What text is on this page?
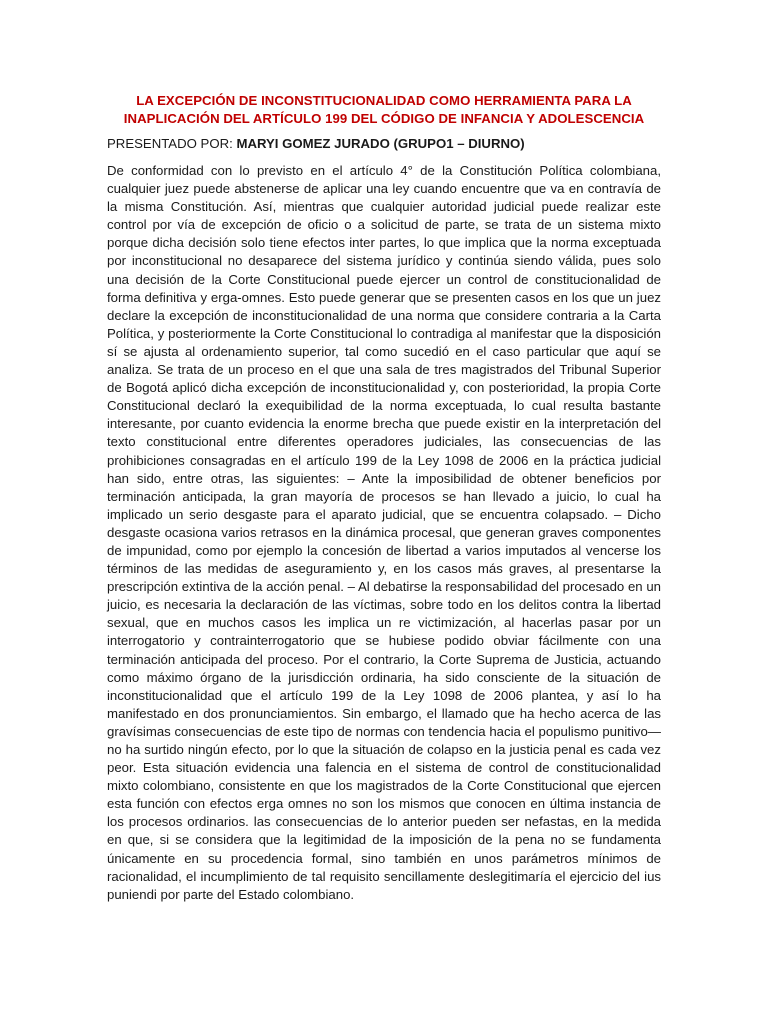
LA EXCEPCIÓN DE INCONSTITUCIONALIDAD COMO HERRAMIENTA PARA LA
INAPLICACIÓN DEL ARTÍCULO 199 DEL CÓDIGO DE INFANCIA Y ADOLESCENCIA

PRESENTADO POR: MARYI GOMEZ JURADO (GRUPO1 – DIURNO)

De conformidad con lo previsto en el artículo 4° de la Constitución Política colombiana, cualquier juez puede abstenerse de aplicar una ley cuando encuentre que va en contravía de la misma Constitución. Así, mientras que cualquier autoridad judicial puede realizar este control por vía de excepción de oficio o a solicitud de parte, se trata de un sistema mixto porque dicha decisión solo tiene efectos inter partes, lo que implica que la norma exceptuada por inconstitucional no desaparece del sistema jurídico y continúa siendo válida, pues solo una decisión de la Corte Constitucional puede ejercer un control de constitucionalidad de forma definitiva y erga-omnes. Esto puede generar que se presenten casos en los que un juez declare la excepción de inconstitucionalidad de una norma que considere contraria a la Carta Política, y posteriormente la Corte Constitucional lo contradiga al manifestar que la disposición sí se ajusta al ordenamiento superior, tal como sucedió en el caso particular que aquí se analiza. Se trata de un proceso en el que una sala de tres magistrados del Tribunal Superior de Bogotá aplicó dicha excepción de inconstitucionalidad y, con posterioridad, la propia Corte Constitucional declaró la exequibilidad de la norma exceptuada, lo cual resulta bastante interesante, por cuanto evidencia la enorme brecha que puede existir en la interpretación del texto constitucional entre diferentes operadores judiciales, las consecuencias de las prohibiciones consagradas en el artículo 199 de la Ley 1098 de 2006 en la práctica judicial han sido, entre otras, las siguientes: – Ante la imposibilidad de obtener beneficios por terminación anticipada, la gran mayoría de procesos se han llevado a juicio, lo cual ha implicado un serio desgaste para el aparato judicial, que se encuentra colapsado. – Dicho desgaste ocasiona varios retrasos en la dinámica procesal, que generan graves componentes de impunidad, como por ejemplo la concesión de libertad a varios imputados al vencerse los términos de las medidas de aseguramiento y, en los casos más graves, al presentarse la prescripción extintiva de la acción penal. – Al debatirse la responsabilidad del procesado en un juicio, es necesaria la declaración de las víctimas, sobre todo en los delitos contra la libertad sexual, que en muchos casos les implica un re victimización, al hacerlas pasar por un interrogatorio y contrainterrogatorio que se hubiese podido obviar fácilmente con una terminación anticipada del proceso. Por el contrario, la Corte Suprema de Justicia, actuando como máximo órgano de la jurisdicción ordinaria, ha sido consciente de la situación de inconstitucionalidad que el artículo 199 de la Ley 1098 de 2006 plantea, y así lo ha manifestado en dos pronunciamientos. Sin embargo, el llamado que ha hecho acerca de las gravísimas consecuencias de este tipo de normas con tendencia hacia el populismo punitivo— no ha surtido ningún efecto, por lo que la situación de colapso en la justicia penal es cada vez peor. Esta situación evidencia una falencia en el sistema de control de constitucionalidad mixto colombiano, consistente en que los magistrados de la Corte Constitucional que ejercen esta función con efectos erga omnes no son los mismos que conocen en última instancia de los procesos ordinarios. las consecuencias de lo anterior pueden ser nefastas, en la medida en que, si se considera que la legitimidad de la imposición de la pena no se fundamenta únicamente en su procedencia formal, sino también en unos parámetros mínimos de racionalidad, el incumplimiento de tal requisito sencillamente deslegitimaría el ejercicio del ius puniendi por parte del Estado colombiano.
